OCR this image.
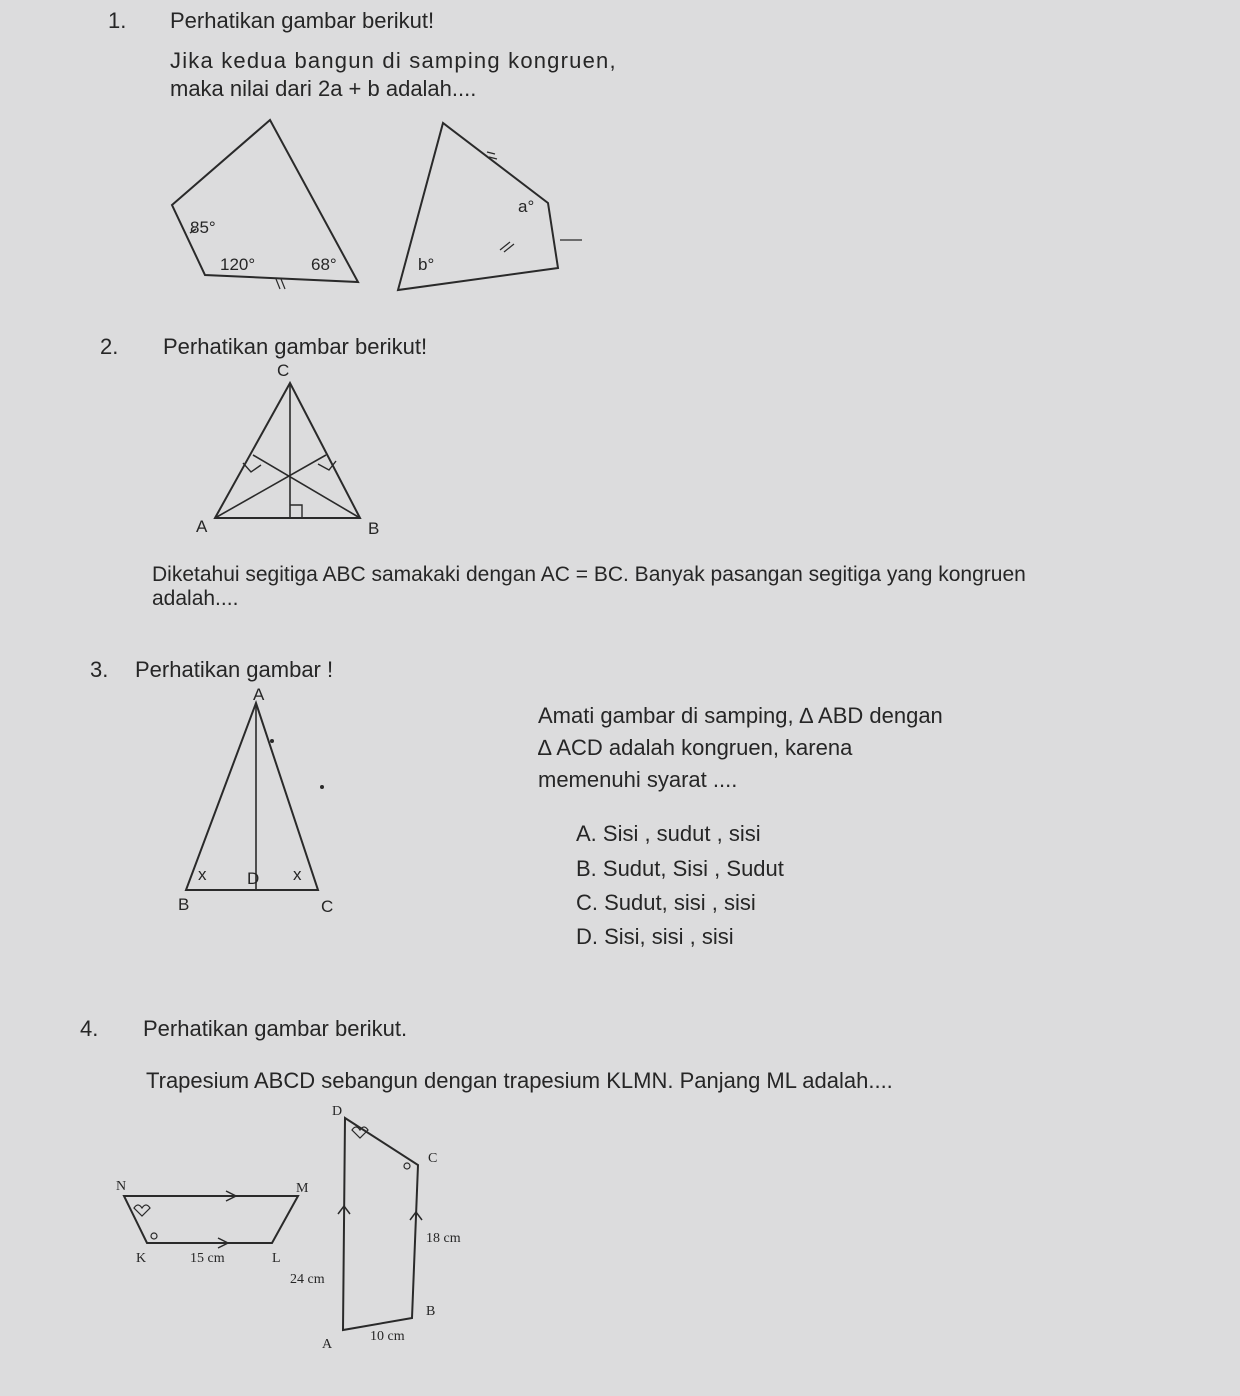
1. Perhatikan gambar berikut!
Jika kedua bangun di samping kongruen,
maka nilai dari 2a + b adalah....
85°
120°	68°
a°
b°
2. Perhatikan gambar berikut!
C
A	B
Diketahui segitiga ABC samakaki dengan AC = BC. Banyak pasangan segitiga yang kongruen
adalah....
3. Perhatikan gambar !
A
B
D
C
x	x
Amati gambar di samping, ∆ ABD dengan
∆ ACD adalah kongruen, karena
memenuhi syarat ....
A. Sisi , sudut , sisi
B. Sudut, Sisi , Sudut
C. Sudut, sisi , sisi
D. Sisi, sisi , sisi
4. Perhatikan gambar berikut.
Trapesium ABCD sebangun dengan trapesium KLMN. Panjang ML adalah....
N	M
K	L
15 cm
D
C
B
A
18 cm
24 cm
10 cm
